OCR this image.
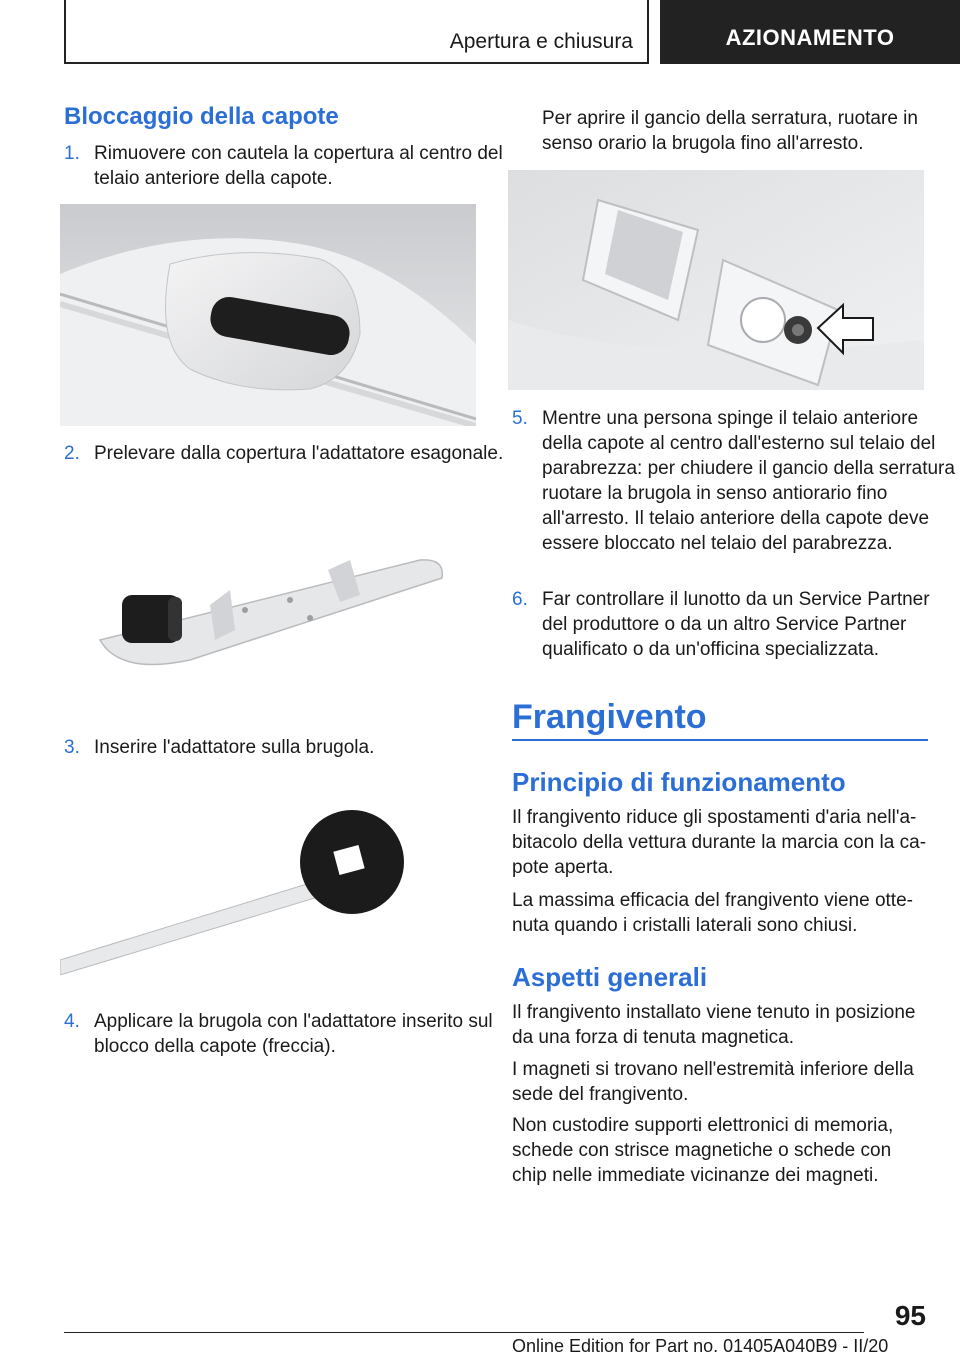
Apertura e chiusura	AZIONAMENTO
Bloccaggio della capote
1. Rimuovere con cautela la copertura al centro del telaio anteriore della capote.
2. Prelevare dalla copertura l'adattatore esagonale.
3. Inserire l'adattatore sulla brugola.
4. Applicare la brugola con l'adattatore inserito sul blocco della capote (freccia).

Per aprire il gancio della serratura, ruotare in senso orario la brugola fino all'arresto.

5. Mentre una persona spinge il telaio anteriore della capote al centro dall'esterno sul telaio del parabrezza: per chiudere il gancio della serratura ruotare la brugola in senso antiorario fino all'arresto. Il telaio anteriore della capote deve essere bloccato nel telaio del parabrezza.
6. Far controllare il lunotto da un Service Partner del produttore o da un altro Service Partner qualificato o da un'officina specializzata.
Frangivento
Principio di funzionamento

Il frangivento riduce gli spostamenti d'aria nell'abitacolo della vettura durante la marcia con la capote aperta.

La massima efficacia del frangivento viene ottenuta quando i cristalli laterali sono chiusi.

Aspetti generali

Il frangivento installato viene tenuto in posizione da una forza di tenuta magnetica.

I magneti si trovano nell'estremità inferiore della sede del frangivento.

Non custodire supporti elettronici di memoria, schede con strisce magnetiche o schede con chip nelle immediate vicinanze dei magneti.

95
Online Edition for Part no. 01405A040B9 - II/20
